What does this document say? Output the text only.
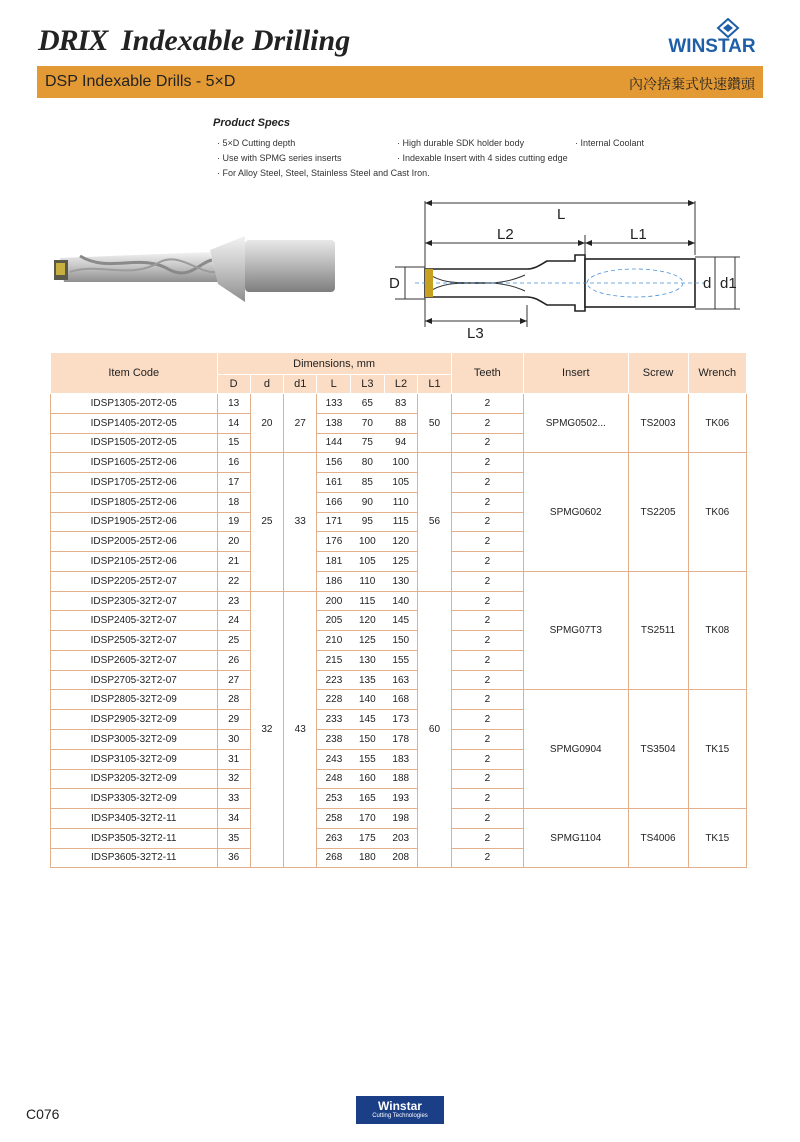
DRIX Indexable Drilling	WINSTAR
DSP Indexable Drills - 5×D	內冷捨棄式快速鑽頭
Product Specs
· 5×D Cutting depth	· High durable SDK holder body	· Internal Coolant
· Use with SPMG series inserts	· Indexable Insert with 4 sides cutting edge
· For Alloy Steel, Steel, Stainless Steel and Cast Iron.
L
L2	L1
D	d d1
L3
Item Code	Dimensions, mm							Teeth	Insert	Screw	Wrench
	D	d	d1	L	L3	L2	L1				
IDSP1305-20T2-05	13	20	27	133	65	83	50	2	SPMG0502...	TS2003	TK06
IDSP1405-20T2-05	14			138	70	88		2			
IDSP1505-20T2-05	15			144	75	94		2			
IDSP1605-25T2-06	16	25	33	156	80	100	56	2	SPMG0602	TS2205	TK06
IDSP1705-25T2-06	17			161	85	105		2			
IDSP1805-25T2-06	18			166	90	110		2			
IDSP1905-25T2-06	19			171	95	115		2			
IDSP2005-25T2-06	20			176	100	120		2			
IDSP2105-25T2-06	21			181	105	125		2			
IDSP2205-25T2-07	22			186	110	130		2	SPMG07T3	TS2511	TK08
IDSP2305-32T2-07	23	32	43	200	115	140	60	2			
IDSP2405-32T2-07	24			205	120	145		2			
IDSP2505-32T2-07	25			210	125	150		2			
IDSP2605-32T2-07	26			215	130	155		2			
IDSP2705-32T2-07	27			223	135	163		2			
IDSP2805-32T2-09	28			228	140	168		2	SPMG0904	TS3504	TK15
IDSP2905-32T2-09	29			233	145	173		2			
IDSP3005-32T2-09	30			238	150	178		2			
IDSP3105-32T2-09	31			243	155	183		2			
IDSP3205-32T2-09	32			248	160	188		2			
IDSP3305-32T2-09	33			253	165	193		2			
IDSP3405-32T2-11	34			258	170	198		2	SPMG1104	TS4006	TK15
IDSP3505-32T2-11	35			263	175	203		2			
IDSP3605-32T2-11	36			268	180	208		2			
C076	Winstar
Cutting Technologies
